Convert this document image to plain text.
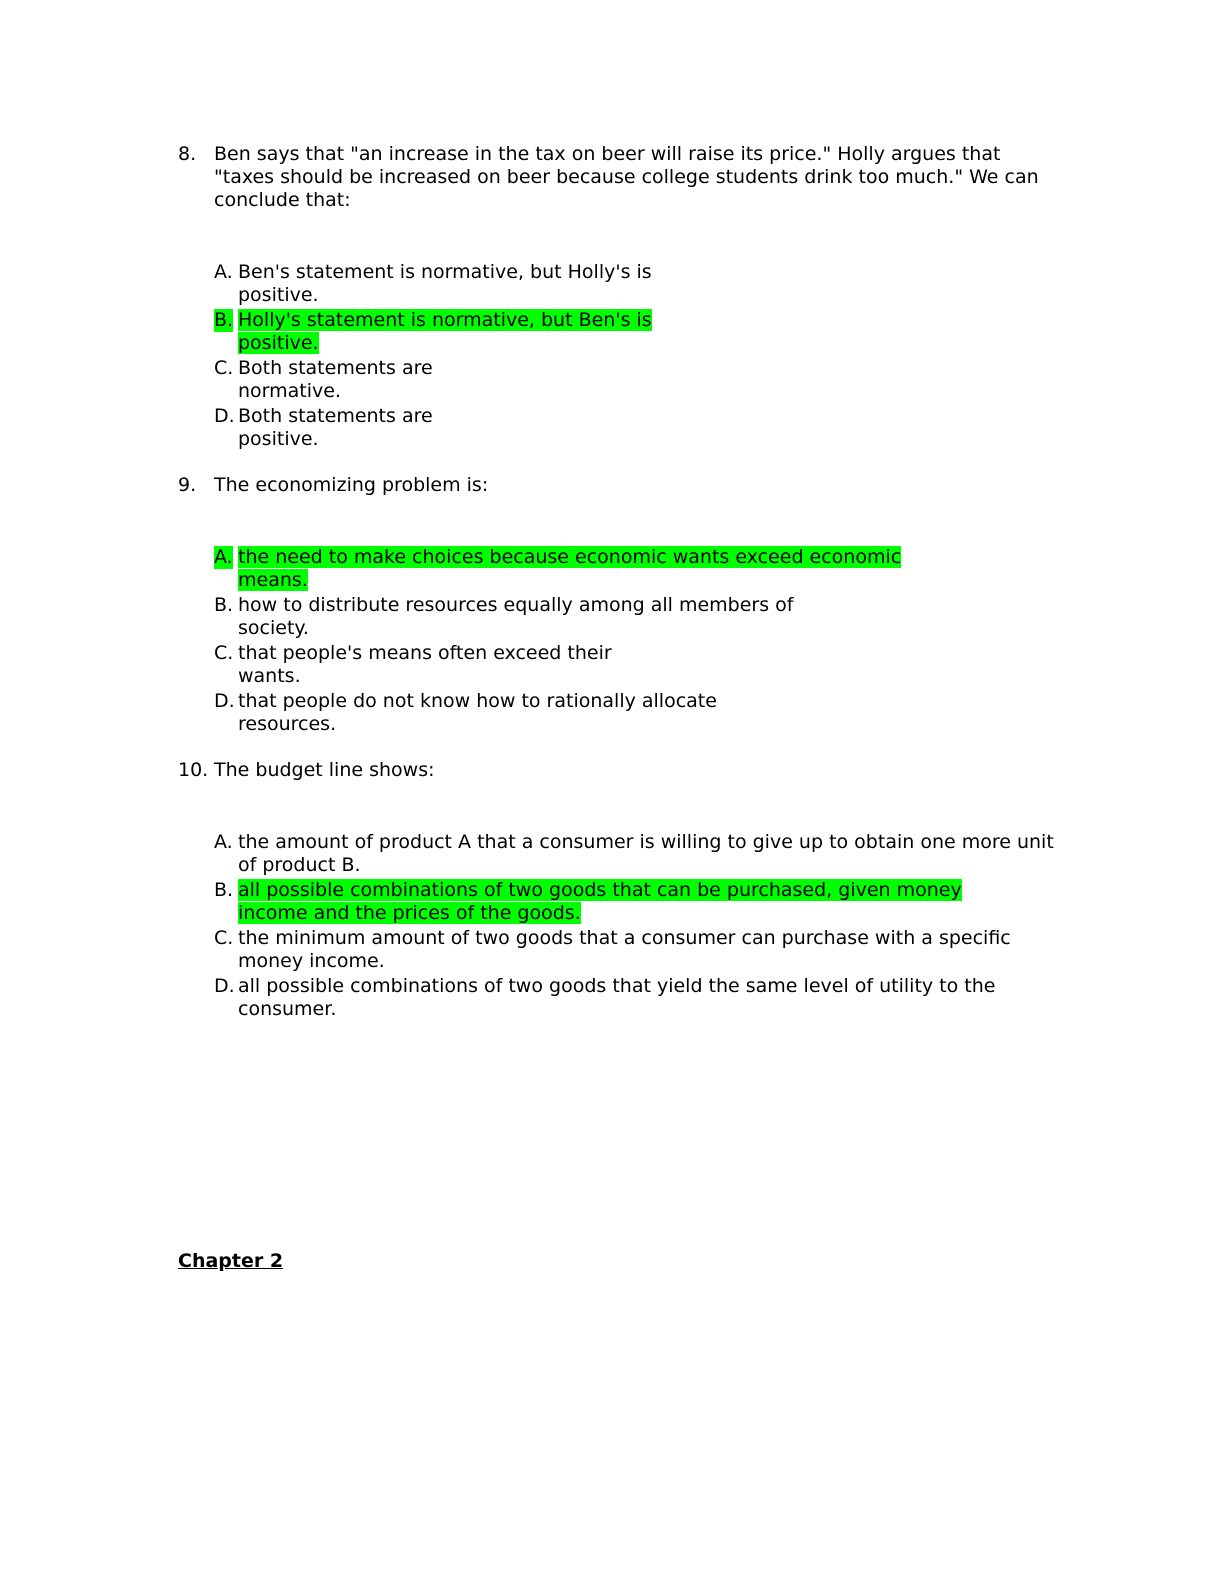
8. Ben says that "an increase in the tax on beer will raise its price." Holly argues that "taxes should be increased on beer because college students drink too much." We can conclude that:
A. Ben's statement is normative, but Holly's is positive.
B. Holly's statement is normative, but Ben's is positive.
C. Both statements are normative.
D. Both statements are positive.
9. The economizing problem is:
A. the need to make choices because economic wants exceed economic means.
B. how to distribute resources equally among all members of society.
C. that people's means often exceed their wants.
D. that people do not know how to rationally allocate resources.
10. The budget line shows:
A. the amount of product A that a consumer is willing to give up to obtain one more unit of product B.
B. all possible combinations of two goods that can be purchased, given money income and the prices of the goods.
C. the minimum amount of two goods that a consumer can purchase with a specific money income.
D. all possible combinations of two goods that yield the same level of utility to the consumer.
Chapter 2
